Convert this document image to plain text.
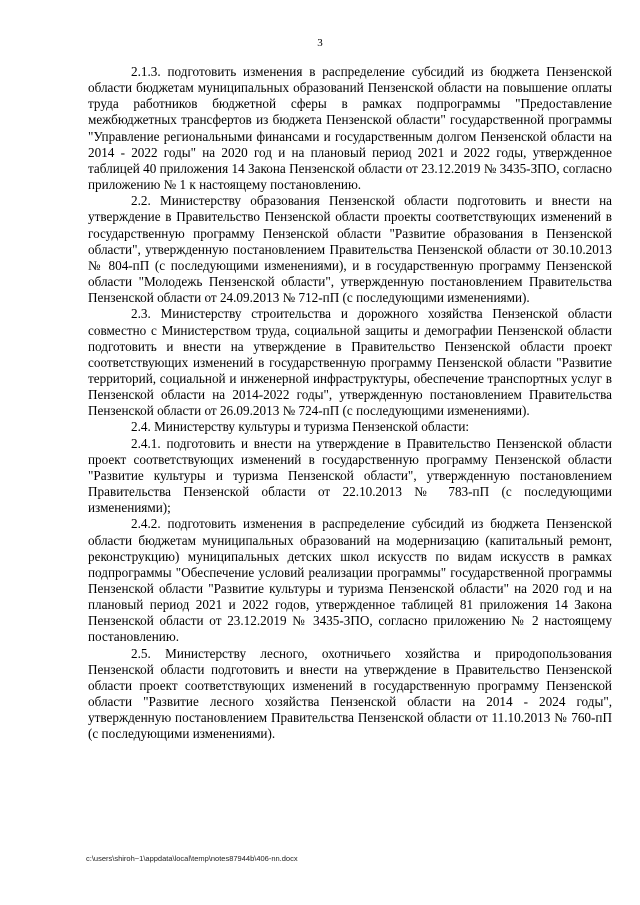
3

2.1.3. подготовить изменения в распределение субсидий из бюджета Пензенской области бюджетам муниципальных образований Пензенской области на повышение оплаты труда работников бюджетной сферы в рамках подпрограммы "Предоставление межбюджетных трансфертов из бюджета Пензенской области" государственной программы "Управление региональными финансами и государственным долгом Пензенской области на 2014 - 2022 годы" на 2020 год и на плановый период 2021 и 2022 годы, утвержденное таблицей 40 приложения 14 Закона Пензенской области от 23.12.2019 № 3435-ЗПО, согласно приложению № 1 к настоящему постановлению.

2.2. Министерству образования Пензенской области подготовить и внести на утверждение в Правительство Пензенской области проекты соответствующих изменений в государственную программу Пензенской области "Развитие образования в Пензенской области", утвержденную постановлением Правительства Пензенской области от 30.10.2013 № 804-пП (с последующими изменениями), и в государственную программу Пензенской области "Молодежь Пензенской области", утвержденную постановлением Правительства Пензенской области от 24.09.2013 № 712-пП (с последующими изменениями).

2.3. Министерству строительства и дорожного хозяйства Пензенской области совместно с Министерством труда, социальной защиты и демографии Пензенской области подготовить и внести на утверждение в Правительство Пензенской области проект соответствующих изменений в государственную программу Пензенской области "Развитие территорий, социальной и инженерной инфраструктуры, обеспечение транспортных услуг в Пензенской области на 2014-2022 годы", утвержденную постановлением Правительства Пензенской области от 26.09.2013 № 724-пП (с последующими изменениями).

2.4. Министерству культуры и туризма Пензенской области:

2.4.1. подготовить и внести на утверждение в Правительство Пензенской области проект соответствующих изменений в государственную программу Пензенской области "Развитие культуры и туризма Пензенской области", утвержденную постановлением Правительства Пензенской области от 22.10.2013 № 783-пП (с последующими изменениями);

2.4.2. подготовить изменения в распределение субсидий из бюджета Пензенской области бюджетам муниципальных образований на модернизацию (капитальный ремонт, реконструкцию) муниципальных детских школ искусств по видам искусств в рамках подпрограммы "Обеспечение условий реализации программы" государственной программы Пензенской области "Развитие культуры и туризма Пензенской области" на 2020 год и на плановый период 2021 и 2022 годов, утвержденное таблицей 81 приложения 14 Закона Пензенской области от 23.12.2019 № 3435-ЗПО, согласно приложению № 2 настоящему постановлению.

2.5. Министерству лесного, охотничьего хозяйства и природопользования Пензенской области подготовить и внести на утверждение в Правительство Пензенской области проект соответствующих изменений в государственную программу Пензенской области "Развитие лесного хозяйства Пензенской области на 2014 - 2024 годы", утвержденную постановлением Правительства Пензенской области от 11.10.2013 № 760-пП (с последующими изменениями).

c:\users\shiroh~1\appdata\local\temp\notes87944b\406-nn.docx
